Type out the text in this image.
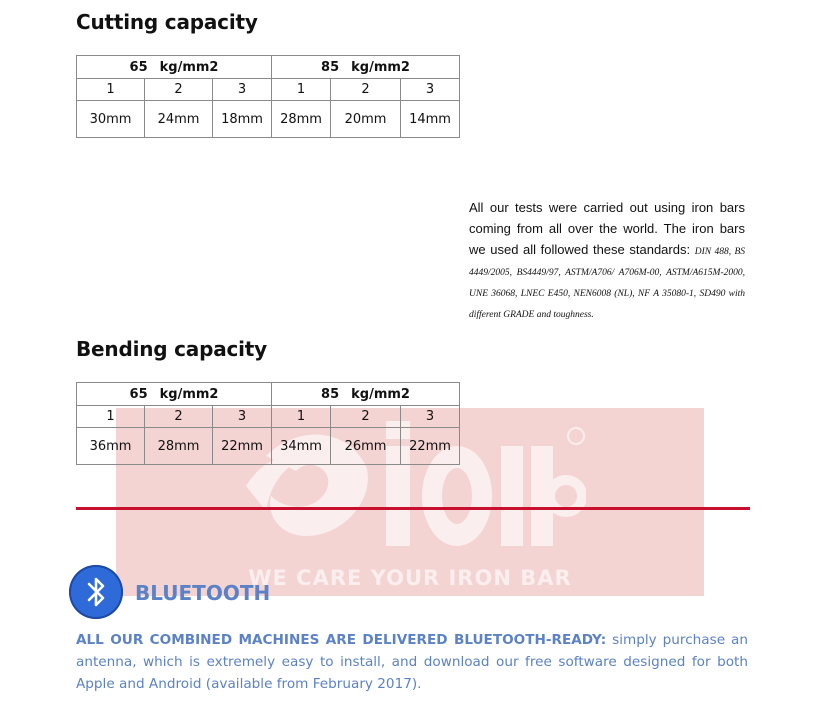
WE CARE YOUR IRON BAR
Cutting capacity
65 kg/mm2			85 kg/mm2		
1	2	3	1	2	3
30mm	24mm	18mm	28mm	20mm	14mm
All our tests were carried out using iron bars coming from all over the world. The iron bars we used all followed these standards: DIN 488, BS 4449/2005, BS4449/97, ASTM/A706/ A706M-00, ASTM/A615M-2000, UNE 36068, LNEC E450, NEN6008 (NL), NF A 35080-1, SD490 with different GRADE and toughness.
Bending capacity
65 kg/mm2			85 kg/mm2		
1	2	3	1	2	3
36mm	28mm	22mm	34mm	26mm	22mm
BLUETOOTH

ALL OUR COMBINED MACHINES ARE DELIVERED BLUETOOTH-READY: simply purchase an antenna, which is extremely easy to install, and download our free software designed for both Apple and Android (available from February 2017).
